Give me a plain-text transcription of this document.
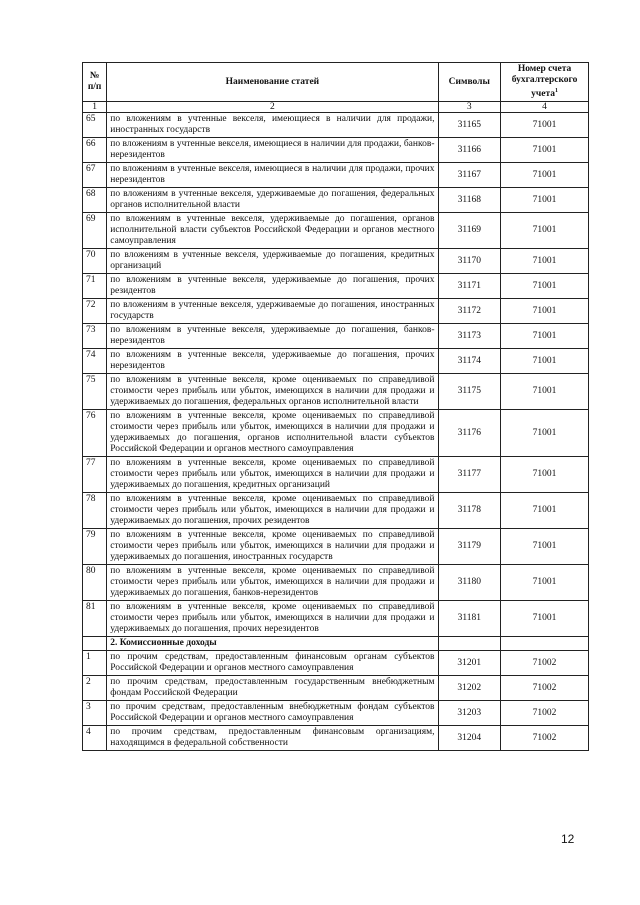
№ п/п	Наименование статей	Символы	Номер счета бухгалтерского учета$^1$
1	2	3	4
65	по вложениям в учтенные векселя, имеющиеся в наличии для продажи, иностранных государств	31165	71001
66	по вложениям в учтенные векселя, имеющиеся в наличии для продажи, банков-нерезидентов	31166	71001
67	по вложениям в учтенные векселя, имеющиеся в наличии для продажи, прочих нерезидентов	31167	71001
68	по вложениям в учтенные векселя, удерживаемые до погашения, федеральных органов исполнительной власти	31168	71001
69	по вложениям в учтенные векселя, удерживаемые до погашения, органов исполнительной власти субъектов Российской Федерации и органов местного самоуправления	31169	71001
70	по вложениям в учтенные векселя, удерживаемые до погашения, кредитных организаций	31170	71001
71	по вложениям в учтенные векселя, удерживаемые до погашения, прочих резидентов	31171	71001
72	по вложениям в учтенные векселя, удерживаемые до погашения, иностранных государств	31172	71001
73	по вложениям в учтенные векселя, удерживаемые до погашения, банков-нерезидентов	31173	71001
74	по вложениям в учтенные векселя, удерживаемые до погашения, прочих нерезидентов	31174	71001
75	по вложениям в учтенные векселя, кроме оцениваемых по справедливой стоимости через прибыль или убыток, имеющихся в наличии для продажи и удерживаемых до погашения, федеральных органов исполнительной власти	31175	71001
76	по вложениям в учтенные векселя, кроме оцениваемых по справедливой стоимости через прибыль или убыток, имеющихся в наличии для продажи и удерживаемых до погашения, органов исполнительной власти субъектов Российской Федерации и органов местного самоуправления	31176	71001
77	по вложениям в учтенные векселя, кроме оцениваемых по справедливой стоимости через прибыль или убыток, имеющихся в наличии для продажи и удерживаемых до погашения, кредитных организаций	31177	71001
78	по вложениям в учтенные векселя, кроме оцениваемых по справедливой стоимости через прибыль или убыток, имеющихся в наличии для продажи и удерживаемых до погашения, прочих резидентов	31178	71001
79	по вложениям в учтенные векселя, кроме оцениваемых по справедливой стоимости через прибыль или убыток, имеющихся в наличии для продажи и удерживаемых до погашения, иностранных государств	31179	71001
80	по вложениям в учтенные векселя, кроме оцениваемых по справедливой стоимости через прибыль или убыток, имеющихся в наличии для продажи и удерживаемых до погашения, банков-нерезидентов	31180	71001
81	по вложениям в учтенные векселя, кроме оцениваемых по справедливой стоимости через прибыль или убыток, имеющихся в наличии для продажи и удерживаемых до погашения, прочих нерезидентов	31181	71001
	2. Комиссионные доходы		
1	по прочим средствам, предоставленным финансовым органам субъектов Российской Федерации и органов местного самоуправления	31201	71002
2	по прочим средствам, предоставленным государственным внебюджетным фондам Российской Федерации	31202	71002
3	по прочим средствам, предоставленным внебюджетным фондам субъектов Российской Федерации и органов местного самоуправления	31203	71002
4	по прочим средствам, предоставленным финансовым организациям, находящимся в федеральной собственности	31204	71002
12
